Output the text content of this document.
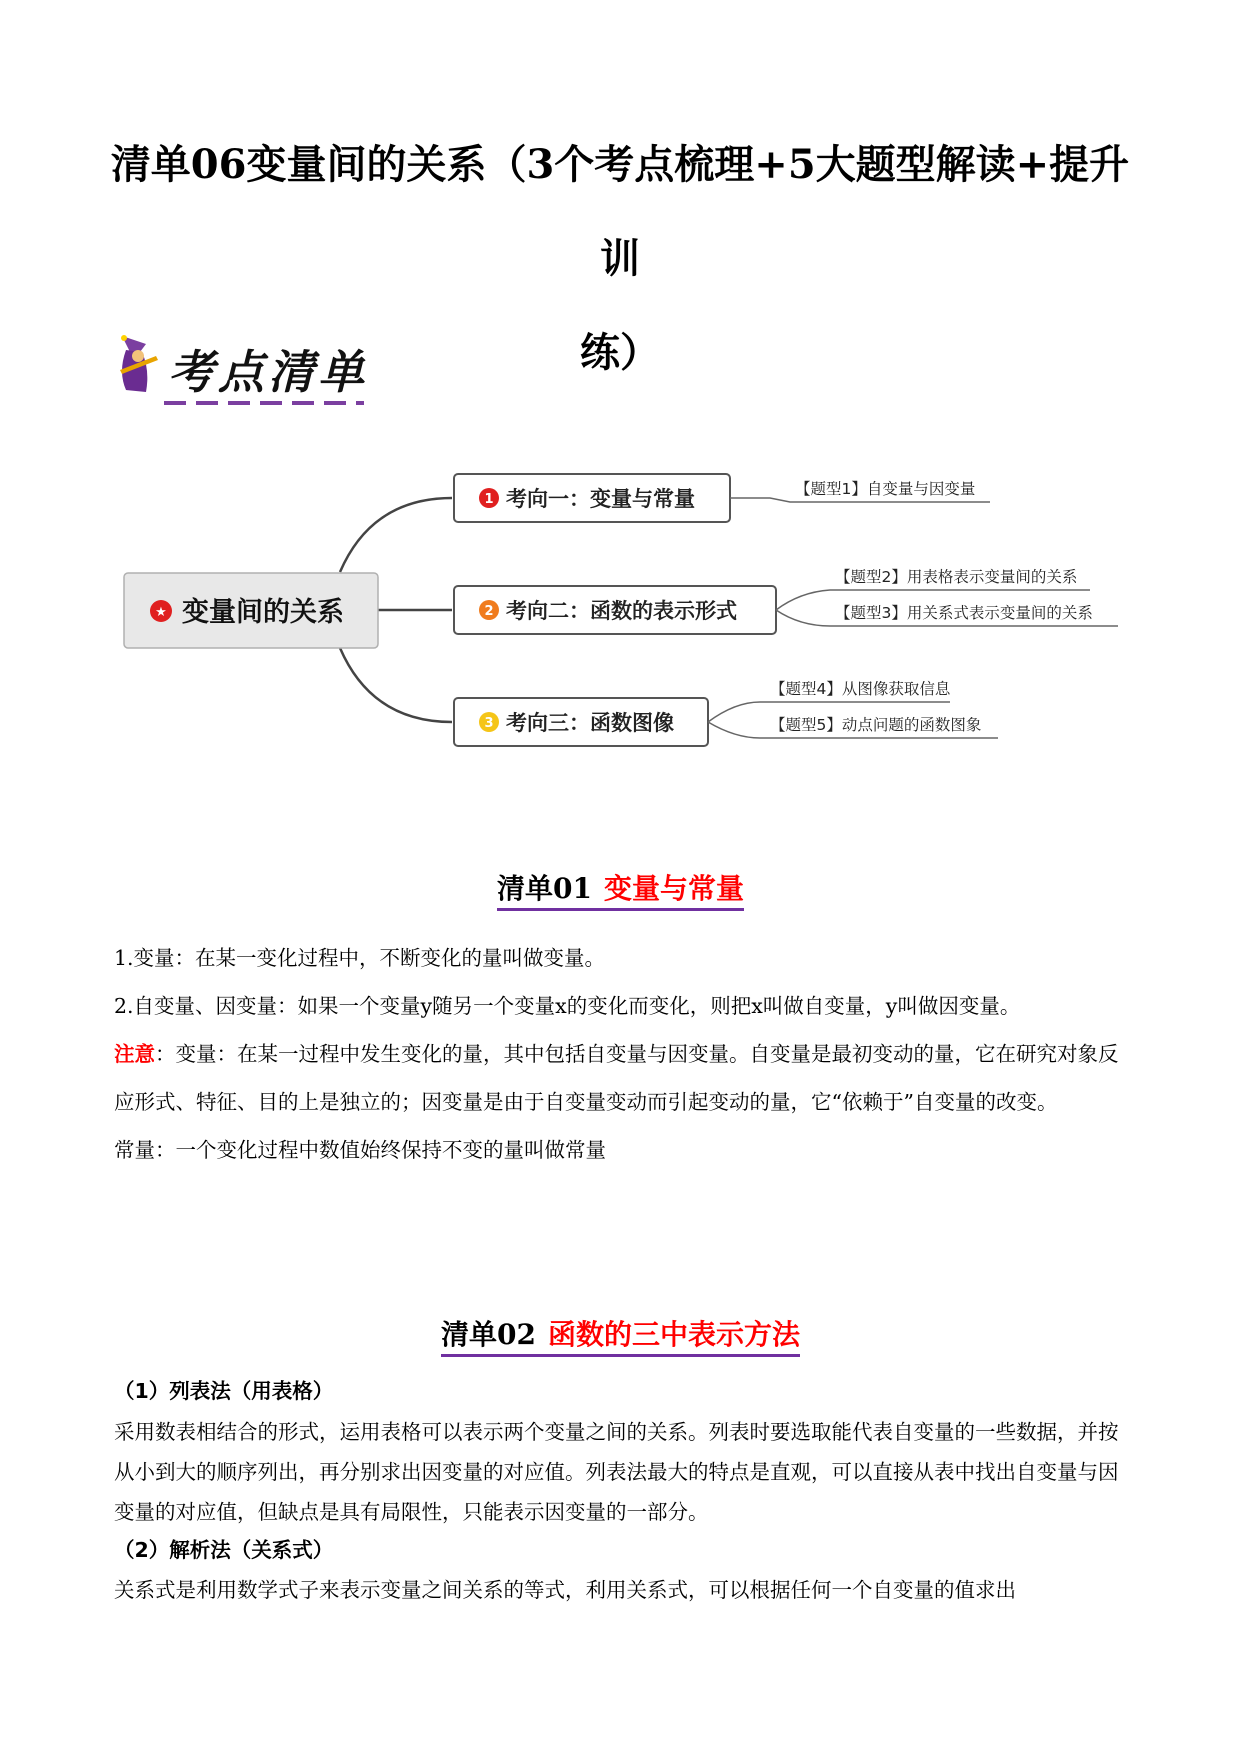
清单06变量间的关系（3个考点梳理+5大题型解读+提升训
练）
考点清单
★ 变量间的关系
1 考向一：变量与常量	【题型1】自变量与因变量
2 考向二：函数的表示形式
【题型2】用表格表示变量间的关系
【题型3】用关系式表示变量间的关系
3 考向三：函数图像
【题型4】从图像获取信息
【题型5】动点问题的函数图象
清单01 变量与常量
1.变量：在某一变化过程中，不断变化的量叫做变量。
2.自变量、因变量：如果一个变量y随另一个变量x的变化而变化，则把x叫做自变量，y叫做因变量。
注意：变量：在某一过程中发生变化的量，其中包括自变量与因变量。自变量是最初变动的量，它在研究对象反应形式、特征、目的上是独立的；因变量是由于自变量变动而引起变动的量，它“依赖于”自变量的改变。
常量：一个变化过程中数值始终保持不变的量叫做常量
清单02 函数的三中表示方法
（1）列表法（用表格）
采用数表相结合的形式，运用表格可以表示两个变量之间的关系。列表时要选取能代表自变量的一些数据，并按从小到大的顺序列出，再分别求出因变量的对应值。列表法最大的特点是直观，可以直接从表中找出自变量与因变量的对应值，但缺点是具有局限性，只能表示因变量的一部分。
（2）解析法（关系式）
关系式是利用数学式子来表示变量之间关系的等式，利用关系式，可以根据任何一个自变量的值求出
